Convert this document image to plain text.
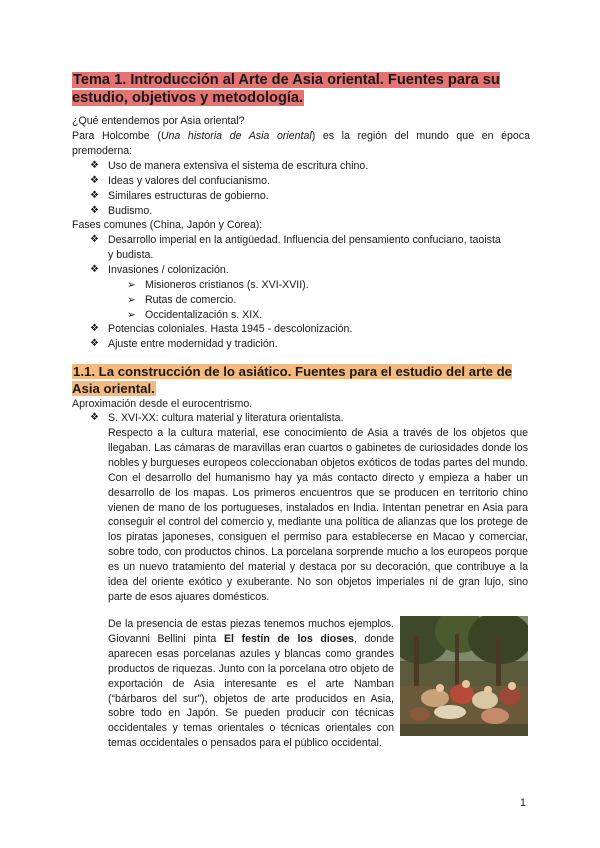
Tema 1. Introducción al Arte de Asia oriental. Fuentes para su estudio, objetivos y metodología.
¿Qué entendemos por Asia oriental?
Para Holcombe (Una historia de Asia oriental) es la región del mundo que en época
premoderna:
❖ Uso de manera extensiva el sistema de escritura chino.
❖ Ideas y valores del confucianismo.
❖ Similares estructuras de gobierno.
❖ Budismo.
Fases comunes (China, Japón y Corea):
❖ Desarrollo imperial en la antigüedad. Influencia del pensamiento confuciano, taoista
y budista.
❖ Invasiones / colonización.
➢ Misioneros cristianos (s. XVI-XVII).
➢ Rutas de comercio.
➢ Occidentalización s. XIX.
❖ Potencias coloniales. Hasta 1945 - descolonización.
❖ Ajuste entre modernidad y tradición.
1.1. La construcción de lo asiático. Fuentes para el estudio del arte de Asia oriental.
Aproximación desde el eurocentrismo.
❖ S. XVI-XX: cultura material y literatura orientalista.
Respecto a la cultura material, ese conocimiento de Asia a través de los objetos que llegaban. Las cámaras de maravillas eran cuartos o gabinetes de curiosidades donde los nobles y burgueses europeos coleccionaban objetos exóticos de todas partes del mundo. Con el desarrollo del humanismo hay ya más contacto directo y empieza a haber un desarrollo de los mapas. Los primeros encuentros que se producen en territorio chino vienen de mano de los portugueses, instalados en India. Intentan penetrar en Asia para conseguir el control del comercio y, mediante una política de alianzas que los protege de los piratas japoneses, consiguen el permiso para establecerse en Macao y comerciar, sobre todo, con productos chinos. La porcelana sorprende mucho a los europeos porque es un nuevo tratamiento del material y destaca por su decoración, que contribuye a la idea del oriente exótico y exuberante. No son objetos imperiales ni de gran lujo, sino parte de esos ajuares domésticos.
De la presencia de estas piezas tenemos muchos ejemplos. Giovanni Bellini pinta El festín de los dioses, donde aparecen esas porcelanas azules y blancas como grandes productos de riquezas. Junto con la porcelana otro objeto de exportación de Asia interesante es el arte Namban (“bárbaros del sur”), objetos de arte producidos en Asia, sobre todo en Japón. Se pueden producir con técnicas occidentales y temas orientales o técnicas orientales con temas occidentales o pensados para el público occidental.
1
